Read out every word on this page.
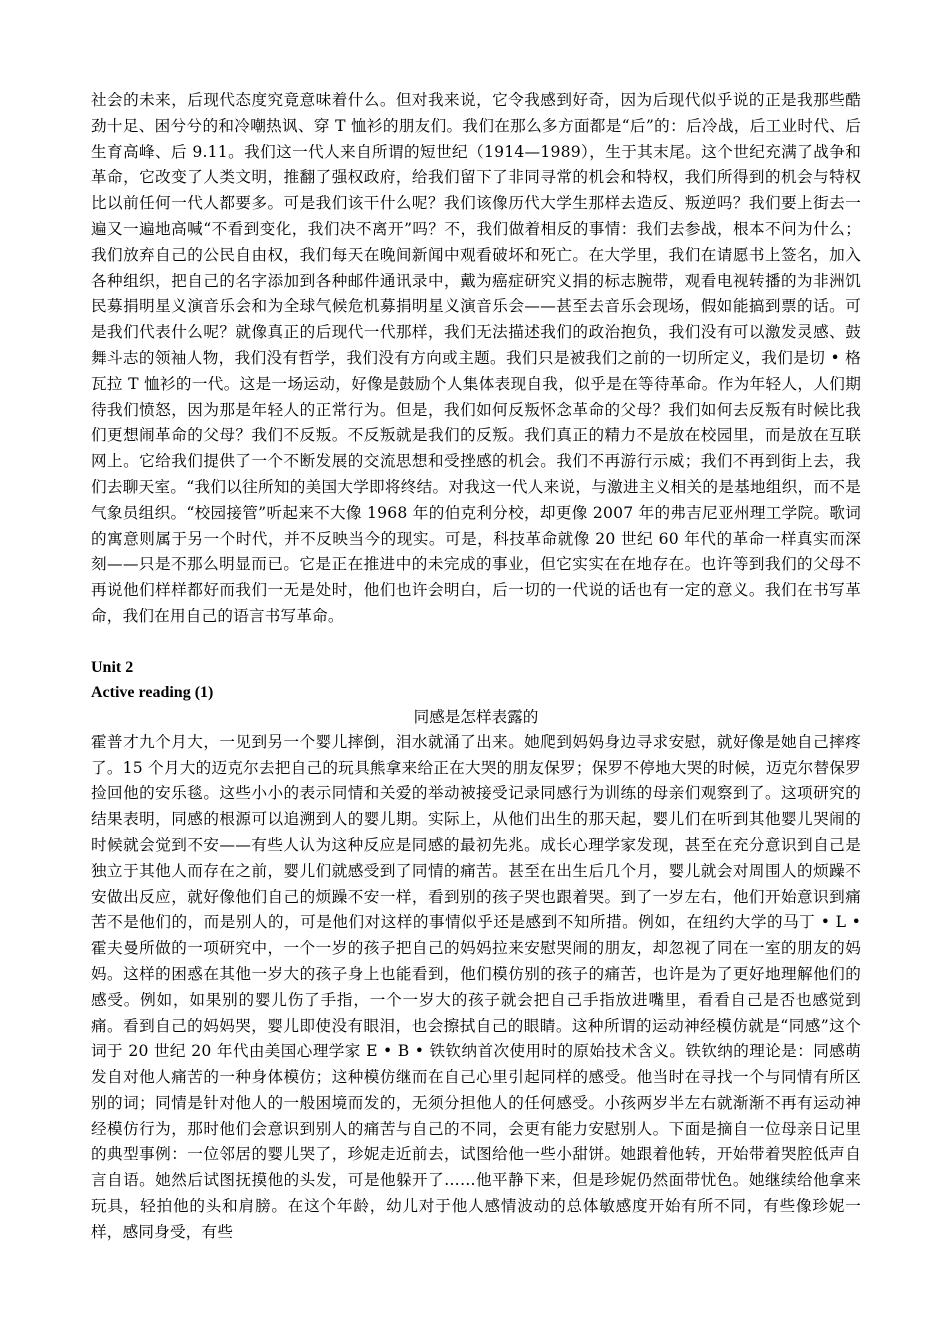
社会的未来，后现代态度究竟意味着什么。但对我来说，它令我感到好奇，因为后现代似乎说的正是我那些酷劲十足、困兮兮的和冷嘲热讽、穿 T 恤衫的朋友们。我们在那么多方面都是“后”的：后冷战，后工业时代、后生育高峰、后 9.11。我们这一代人来自所谓的短世纪（1914—1989），生于其末尾。这个世纪充满了战争和革命，它改变了人类文明，推翻了强权政府，给我们留下了非同寻常的机会和特权，我们所得到的机会与特权比以前任何一代人都要多。可是我们该干什么呢？我们该像历代大学生那样去造反、叛逆吗？我们要上街去一遍又一遍地高喊“不看到变化，我们决不离开”吗？不，我们做着相反的事情：我们去参战，根本不问为什么；我们放弃自己的公民自由权，我们每天在晚间新闻中观看破坏和死亡。在大学里，我们在请愿书上签名，加入各种组织，把自己的名字添加到各种邮件通讯录中，戴为癌症研究义捐的标志腕带，观看电视转播的为非洲饥民募捐明星义演音乐会和为全球气候危机募捐明星义演音乐会——甚至去音乐会现场，假如能搞到票的话。可是我们代表什么呢？就像真正的后现代一代那样，我们无法描述我们的政治抱负，我们没有可以激发灵感、鼓舞斗志的领袖人物，我们没有哲学，我们没有方向或主题。我们只是被我们之前的一切所定义，我们是切 • 格瓦拉 T 恤衫的一代。这是一场运动，好像是鼓励个人集体表现自我，似乎是在等待革命。作为年轻人，人们期待我们愤怒，因为那是年轻人的正常行为。但是，我们如何反叛怀念革命的父母？我们如何去反叛有时候比我们更想闹革命的父母？我们不反叛。不反叛就是我们的反叛。我们真正的精力不是放在校园里，而是放在互联网上。它给我们提供了一个不断发展的交流思想和受挫感的机会。我们不再游行示威；我们不再到街上去，我们去聊天室。“我们以往所知的美国大学即将终结。对我这一代人来说，与激进主义相关的是基地组织，而不是气象员组织。“校园接管”听起来不大像 1968 年的伯克利分校，却更像 2007 年的弗吉尼亚州理工学院。歌词的寓意则属于另一个时代，并不反映当今的现实。可是，科技革命就像 20 世纪 60 年代的革命一样真实而深刻——只是不那么明显而已。它是正在推进中的未完成的事业，但它实实在在地存在。也许等到我们的父母不再说他们样样都好而我们一无是处时，他们也许会明白，后一切的一代说的话也有一定的意义。我们在书写革命，我们在用自己的语言书写革命。

Unit 2

Active reading (1)

同感是怎样表露的

霍普才九个月大，一见到另一个婴儿摔倒，泪水就涌了出来。她爬到妈妈身边寻求安慰，就好像是她自己摔疼了。15 个月大的迈克尔去把自己的玩具熊拿来给正在大哭的朋友保罗；保罗不停地大哭的时候，迈克尔替保罗捡回他的安乐毯。这些小小的表示同情和关爱的举动被接受记录同感行为训练的母亲们观察到了。这项研究的结果表明，同感的根源可以追溯到人的婴儿期。实际上，从他们出生的那天起，婴儿们在听到其他婴儿哭闹的时候就会觉到不安——有些人认为这种反应是同感的最初先兆。成长心理学家发现，甚至在充分意识到自己是独立于其他人而存在之前，婴儿们就感受到了同情的痛苦。甚至在出生后几个月，婴儿就会对周围人的烦躁不安做出反应，就好像他们自己的烦躁不安一样，看到别的孩子哭也跟着哭。到了一岁左右，他们开始意识到痛苦不是他们的，而是别人的，可是他们对这样的事情似乎还是感到不知所措。例如，在纽约大学的马丁 • L • 霍夫曼所做的一项研究中，一个一岁的孩子把自己的妈妈拉来安慰哭闹的朋友，却忽视了同在一室的朋友的妈妈。这样的困惑在其他一岁大的孩子身上也能看到，他们模仿别的孩子的痛苦，也许是为了更好地理解他们的感受。例如，如果别的婴儿伤了手指，一个一岁大的孩子就会把自己手指放进嘴里，看看自己是否也感觉到痛。看到自己的妈妈哭，婴儿即使没有眼泪，也会擦拭自己的眼睛。这种所谓的运动神经模仿就是“同感”这个词于 20 世纪 20 年代由美国心理学家 E • B • 铁钦纳首次使用时的原始技术含义。铁钦纳的理论是：同感萌发自对他人痛苦的一种身体模仿；这种模仿继而在自己心里引起同样的感受。他当时在寻找一个与同情有所区别的词；同情是针对他人的一般困境而发的，无须分担他人的任何感受。小孩两岁半左右就渐渐不再有运动神经模仿行为，那时他们会意识到别人的痛苦与自己的不同，会更有能力安慰别人。下面是摘自一位母亲日记里的典型事例：一位邻居的婴儿哭了，珍妮走近前去，试图给他一些小甜饼。她跟着他转，开始带着哭腔低声自言自语。她然后试图抚摸他的头发，可是他躲开了……他平静下来，但是珍妮仍然面带忧色。她继续给他拿来玩具，轻拍他的头和肩膀。在这个年龄，幼儿对于他人感情波动的总体敏感度开始有所不同，有些像珍妮一样，感同身受，有些
